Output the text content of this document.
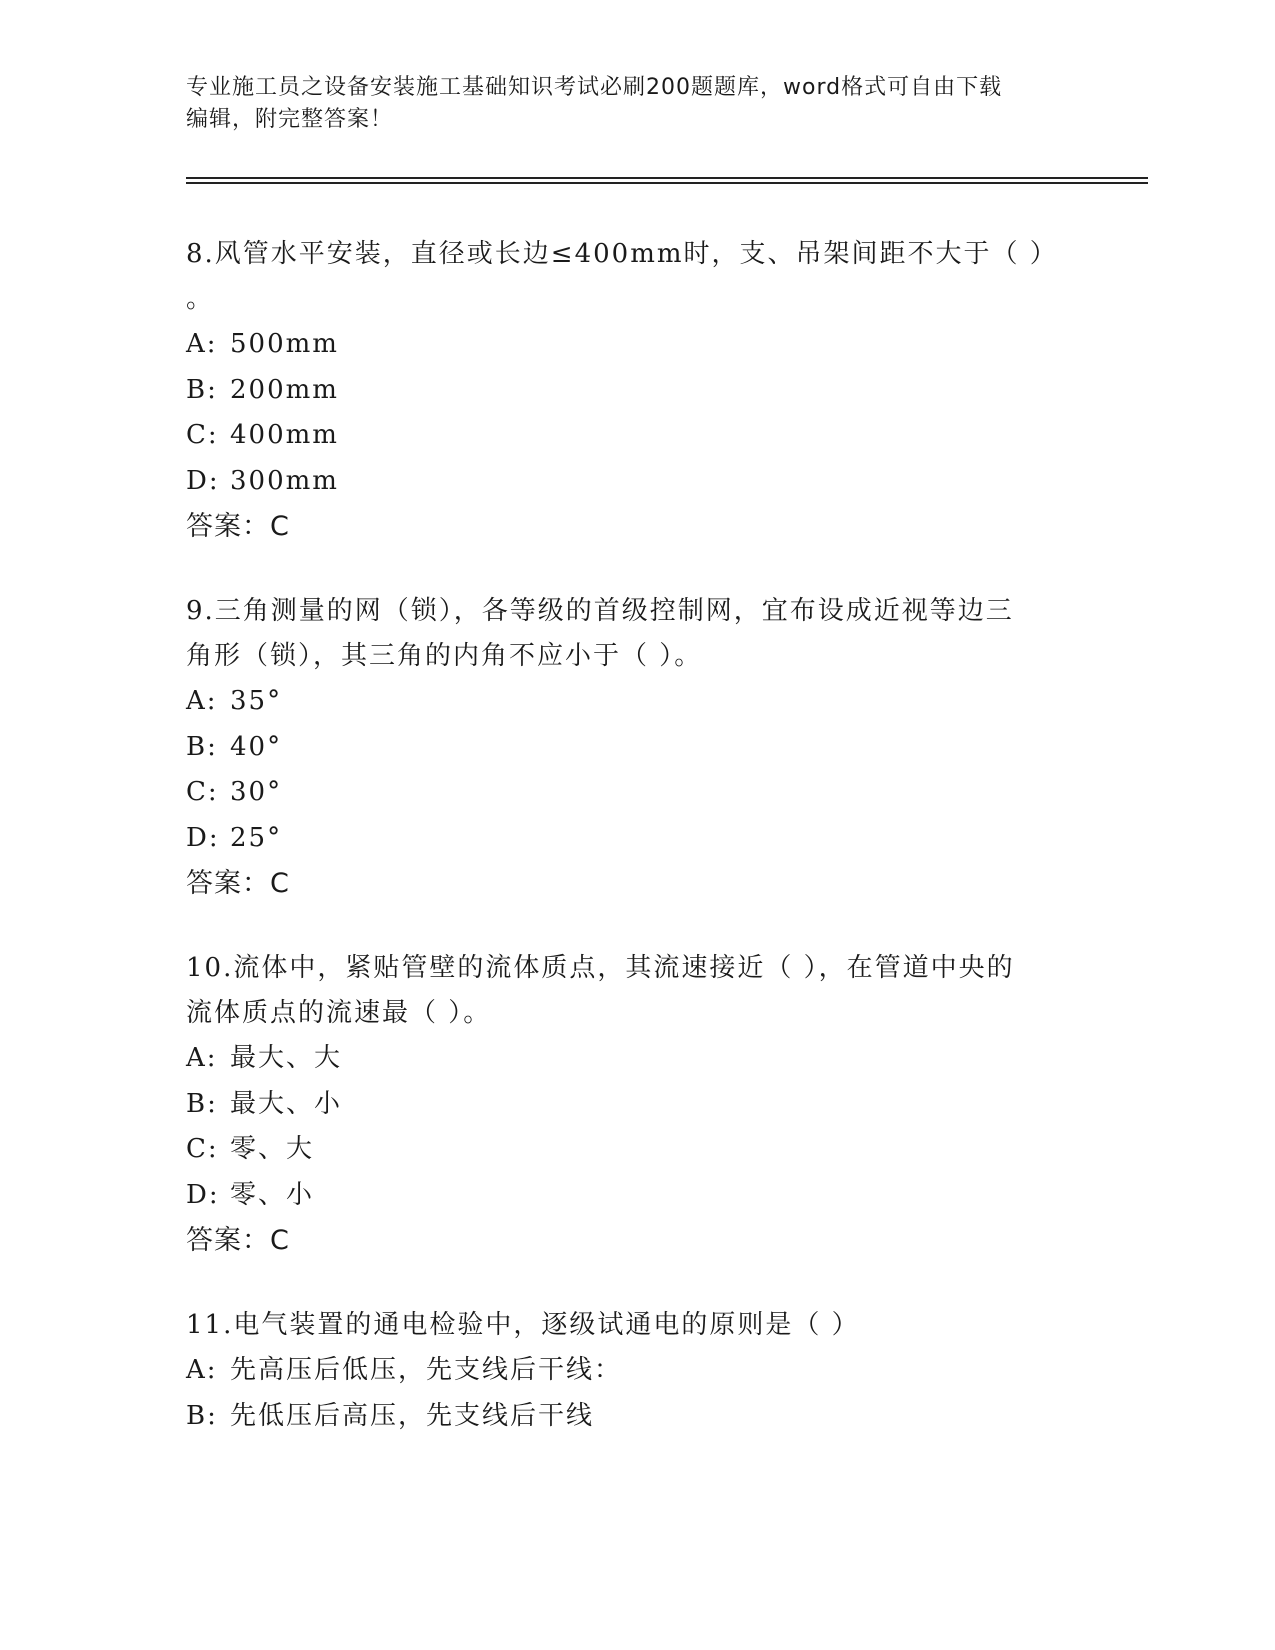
专业施工员之设备安装施工基础知识考试必刷200题题库，word格式可自由下载
编辑，附完整答案！
8.风管水平安装，直径或长边≤400mm时，支、吊架间距不大于（ ）
。
A: 500mm
B: 200mm
C: 400mm
D: 300mm
答案：C
9.三角测量的网（锁），各等级的首级控制网，宜布设成近视等边三
角形（锁），其三角的内角不应小于（ ）。
A: 35°
B: 40°
C: 30°
D: 25°
答案：C
10.流体中，紧贴管壁的流体质点，其流速接近（ ），在管道中央的
流体质点的流速最（ ）。
A: 最大、大
B: 最大、小
C: 零、大
D: 零、小
答案：C
11.电气装置的通电检验中，逐级试通电的原则是（ ）
A: 先高压后低压，先支线后干线：
B: 先低压后高压，先支线后干线
